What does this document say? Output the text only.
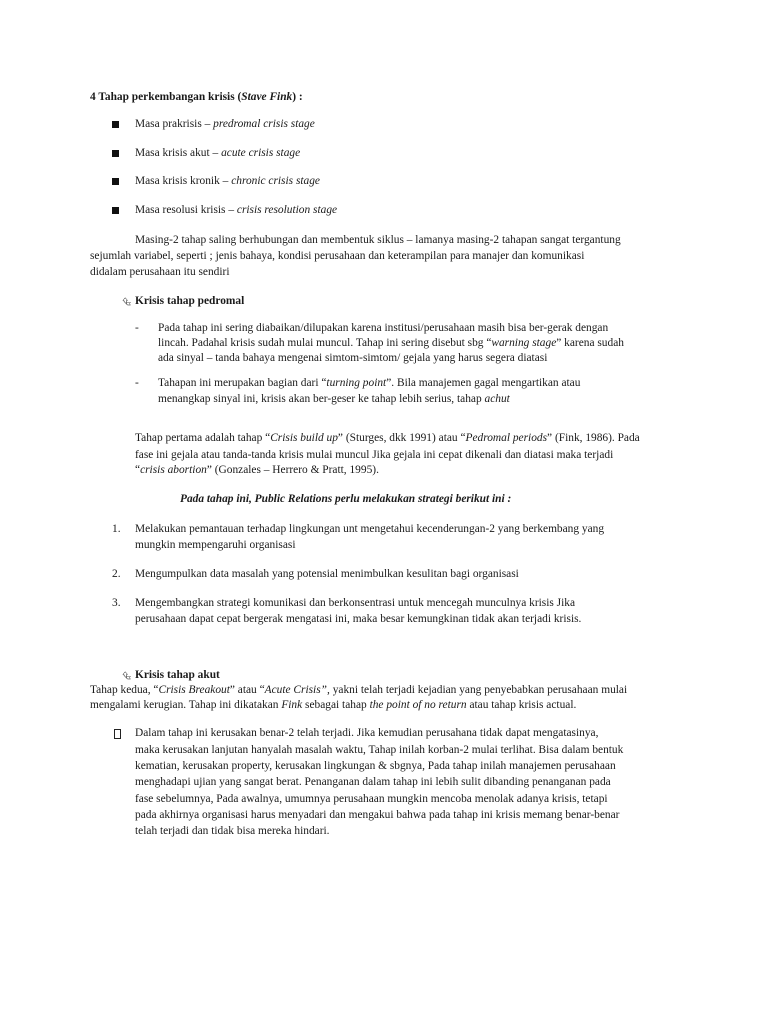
4 Tahap perkembangan krisis (Stave Fink) :

Masa prakrisis – predromal crisis stage

Masa krisis akut – acute crisis stage

Masa krisis kronik – chronic crisis stage

Masa resolusi krisis – crisis resolution stage

Masing-2 tahap saling berhubungan dan membentuk siklus – lamanya masing-2 tahapan sangat tergantung

sejumlah variabel, seperti ; jenis bahaya, kondisi perusahaan dan keterampilan para manajer dan komunikasi

didalam perusahaan itu sendiri

⮴ Krisis tahap pedromal

- Pada tahap ini sering diabaikan/dilupakan karena institusi/perusahaan masih bisa ber-gerak dengan

lincah. Padahal krisis sudah mulai muncul. Tahap ini sering disebut sbg “warning stage” karena sudah

ada sinyal – tanda bahaya mengenai simtom-simtom/ gejala yang harus segera diatasi

- Tahapan ini merupakan bagian dari “turning point”. Bila manajemen gagal mengartikan atau

menangkap sinyal ini, krisis akan ber-geser ke tahap lebih serius, tahap achut

Tahap pertama adalah tahap “Crisis build up” (Sturges, dkk 1991) atau “Pedromal periods” (Fink, 1986). Pada

fase ini gejala atau tanda-tanda krisis mulai muncul Jika gejala ini cepat dikenali dan diatasi maka terjadi

“crisis abortion” (Gonzales – Herrero & Pratt, 1995).

Pada tahap ini, Public Relations perlu melakukan strategi berikut ini :

1. Melakukan pemantauan terhadap lingkungan unt mengetahui kecenderungan-2 yang berkembang yang

mungkin mempengaruhi organisasi

2. Mengumpulkan data masalah yang potensial menimbulkan kesulitan bagi organisasi

3. Mengembangkan strategi komunikasi dan berkonsentrasi untuk mencegah munculnya krisis Jika

perusahaan dapat cepat bergerak mengatasi ini, maka besar kemungkinan tidak akan terjadi krisis.

⮴ Krisis tahap akut

Tahap kedua, “Crisis Breakout” atau “Acute Crisis”, yakni telah terjadi kejadian yang penyebabkan perusahaan mulai

mengalami kerugian. Tahap ini dikatakan Fink sebagai tahap the point of no return atau tahap krisis actual.

Dalam tahap ini kerusakan benar-2 telah terjadi. Jika kemudian perusahana tidak dapat mengatasinya,

maka kerusakan lanjutan hanyalah masalah waktu, Tahap inilah korban-2 mulai terlihat. Bisa dalam bentuk

kematian, kerusakan property, kerusakan lingkungan & sbgnya, Pada tahap inilah manajemen perusahaan

menghadapi ujian yang sangat berat. Penanganan dalam tahap ini lebih sulit dibanding penanganan pada

fase sebelumnya, Pada awalnya, umumnya perusahaan mungkin mencoba menolak adanya krisis, tetapi

pada akhirnya organisasi harus menyadari dan mengakui bahwa pada tahap ini krisis memang benar-benar

telah terjadi dan tidak bisa mereka hindari.
